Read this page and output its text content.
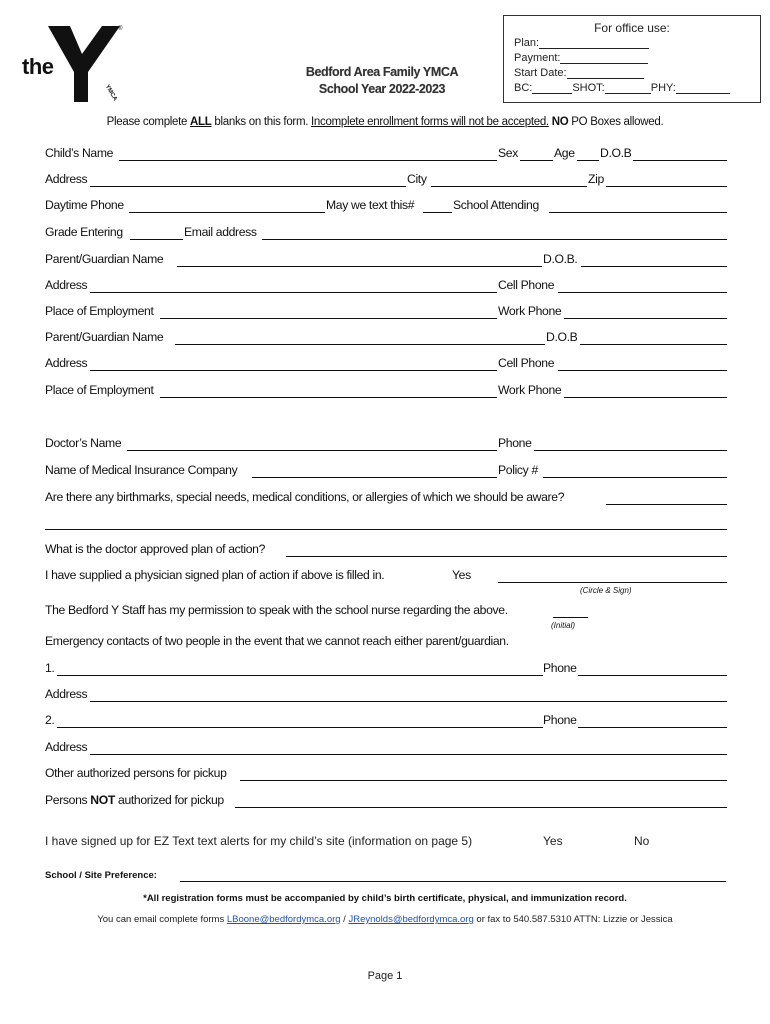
the
YMCA
®
Bedford Area Family YMCA
School Year 2022-2023
For office use:
Plan:
Payment:
Start Date:
BC:	SHOT:	PHY:
Please complete ALL blanks on this form. Incomplete enrollment forms will not be accepted. NO PO Boxes allowed.
Child’s Name	Sex	Age D.O.B
Address	City	Zip
Daytime Phone	May we text this#	School Attending
Grade Entering	Email address
Parent/Guardian Name	D.O.B.
Address	Cell Phone
Place of Employment	Work Phone
Parent/Guardian Name	D.O.B
Address	Cell Phone
Place of Employment	Work Phone
Doctor’s Name	Phone
Name of Medical Insurance Company	Policy #
Are there any birthmarks, special needs, medical conditions, or allergies of which we should be aware?
What is the doctor approved plan of action?
I have supplied a physician signed plan of action if above is filled in.	Yes
(Circle & Sign)
The Bedford Y Staff has my permission to speak with the school nurse regarding the above.
(Initial)
Emergency contacts of two people in the event that we cannot reach either parent/guardian.
1.	Phone
Address
2.	Phone
Address
Other authorized persons for pickup
Persons NOT authorized for pickup
I have signed up for EZ Text text alerts for my child’s site (information on page 5)	Yes	No
School / Site Preference:
*All registration forms must be accompanied by child’s birth certificate, physical, and immunization record.
You can email complete forms LBoone@bedfordymca.org / JReynolds@bedfordymca.org or fax to 540.587.5310 ATTN: Lizzie or Jessica
Page 1
